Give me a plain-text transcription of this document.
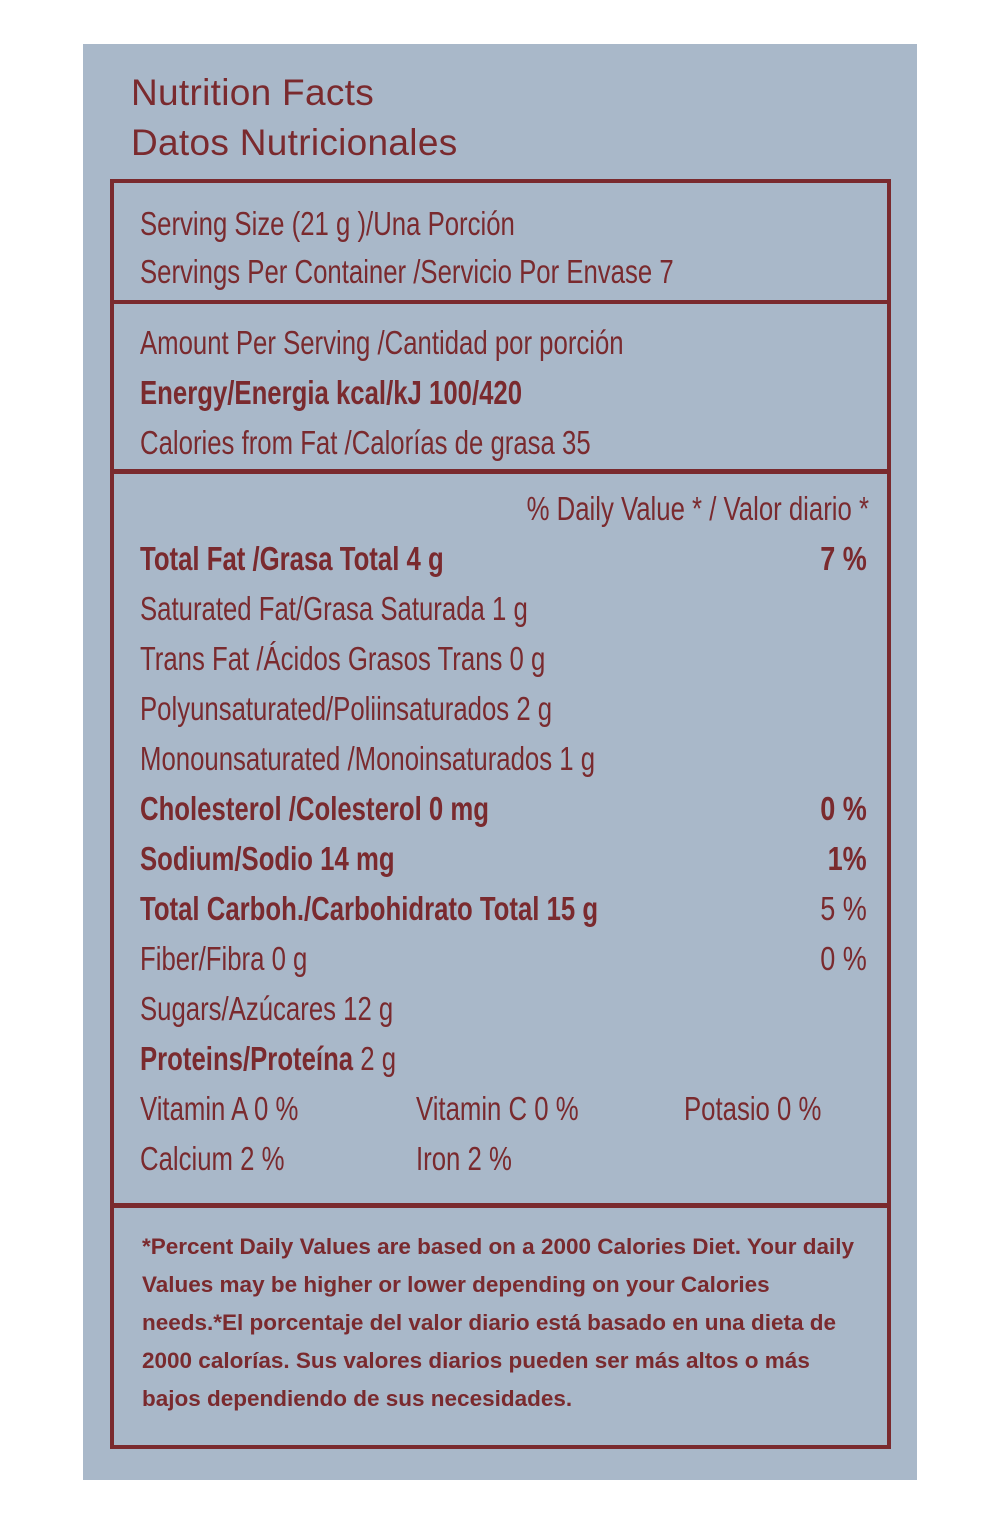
Nutrition Facts
Datos Nutricionales
Serving Size (21 g )/Una Porción
Servings Per Container /Servicio Por Envase 7
Amount Per Serving /Cantidad por porción
Energy/Energia kcal/kJ 100/420
Calories from Fat /Calorías de grasa 35
% Daily Value * / Valor diario *
Total Fat /Grasa Total 4 g	7 %
Saturated Fat/Grasa Saturada 1 g
Trans Fat /Ácidos Grasos Trans 0 g
Polyunsaturated/Poliinsaturados 2 g
Monounsaturated /Monoinsaturados 1 g
Cholesterol /Colesterol 0 mg	0 %
Sodium/Sodio 14 mg	1%
Total Carboh./Carbohidrato Total 15 g	5 %
Fiber/Fibra 0 g	0 %
Sugars/Azúcares 12 g
Proteins/Proteína 2 g
Vitamin A 0 %	Vitamin C 0 %	Potasio 0 %
Calcium 2 %	Iron 2 %
*Percent Daily Values are based on a 2000 Calories Diet. Your daily Values may be higher or lower depending on your Calories needs.*El porcentaje del valor diario está basado en una dieta de 2000 calorías. Sus valores diarios pueden ser más altos o más bajos dependiendo de sus necesidades.
